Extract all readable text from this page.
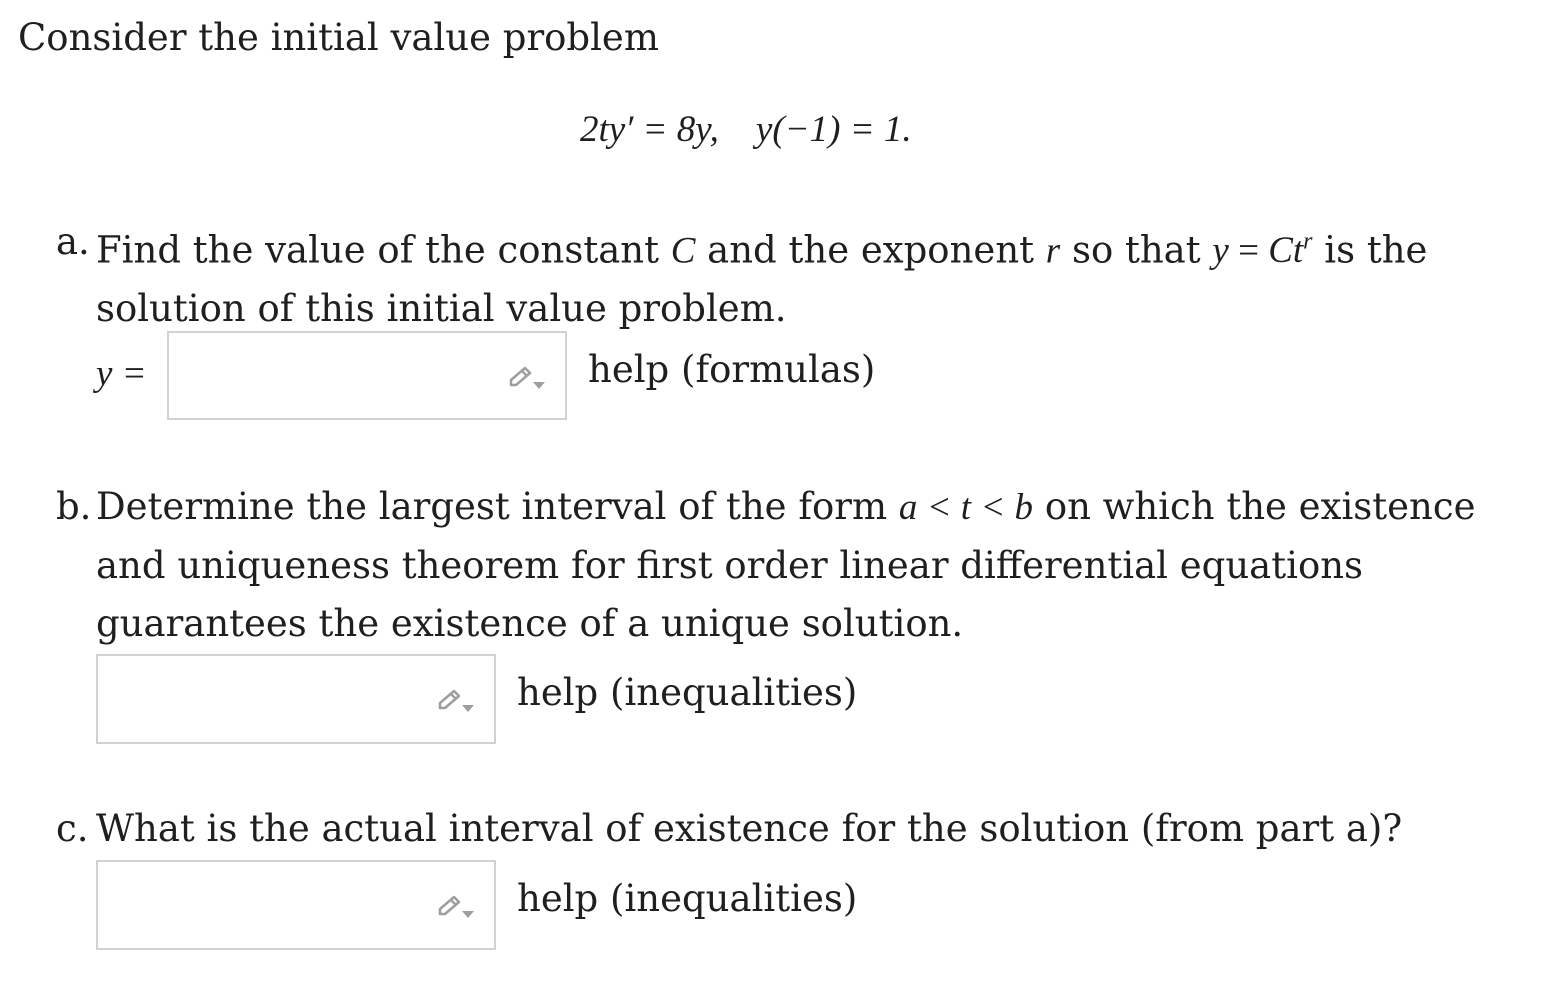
Consider the initial value problem
2ty′ = 8y, y(−1) = 1.
a. Find the value of the constant C and the exponent r so that $y = Ct^r$ is the solution of this initial value problem.
y =	help (formulas)
b. Determine the largest interval of the form a < t < b on which the existence and uniqueness theorem for first order linear differential equations guarantees the existence of a unique solution.
help (inequalities)
c. What is the actual interval of existence for the solution (from part a)?
help (inequalities)
